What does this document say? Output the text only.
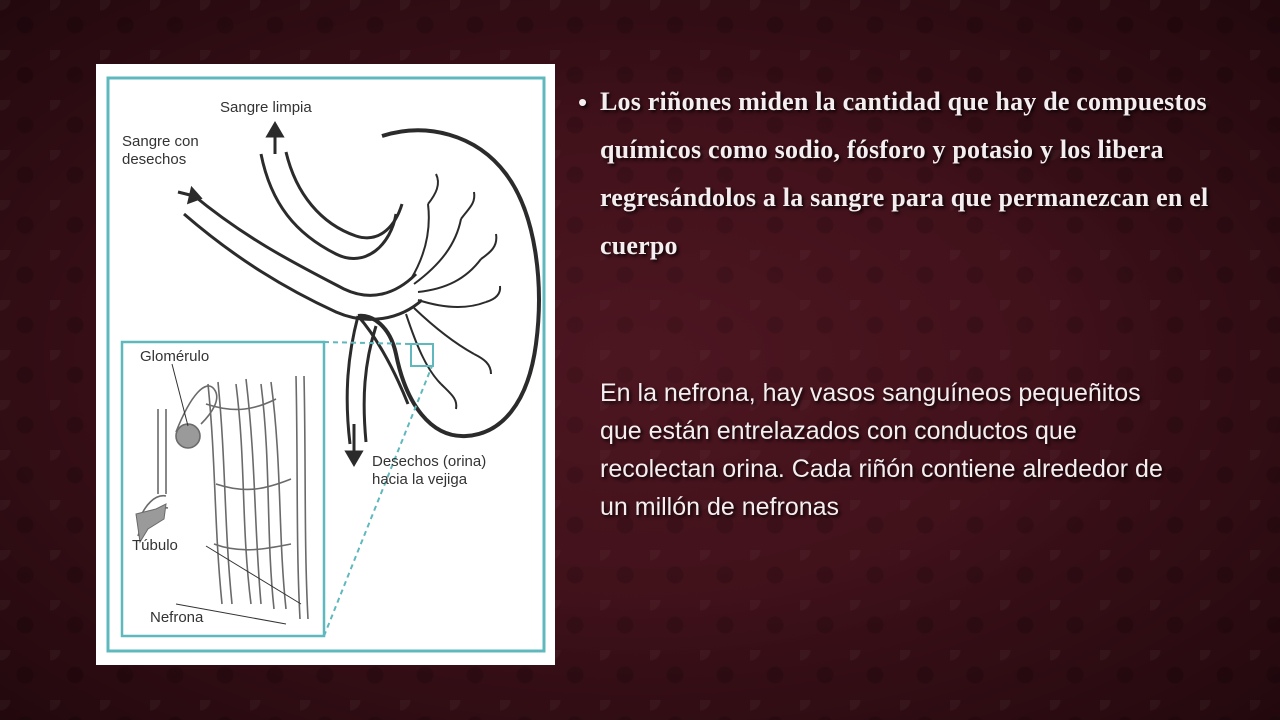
Sangre limpia
Sangre con
desechos
Glomérulo
Desechos (orina)
hacia la vejiga
Túbulo
Nefrona

• Los riñones miden la cantidad que hay de compuestos químicos como sodio, fósforo y potasio y los libera regresándolos a la sangre para que permanezcan en el cuerpo

En la nefrona, hay vasos sanguíneos pequeñitos que están entrelazados con conductos que recolectan orina. Cada riñón contiene alrededor de un millón de nefronas
